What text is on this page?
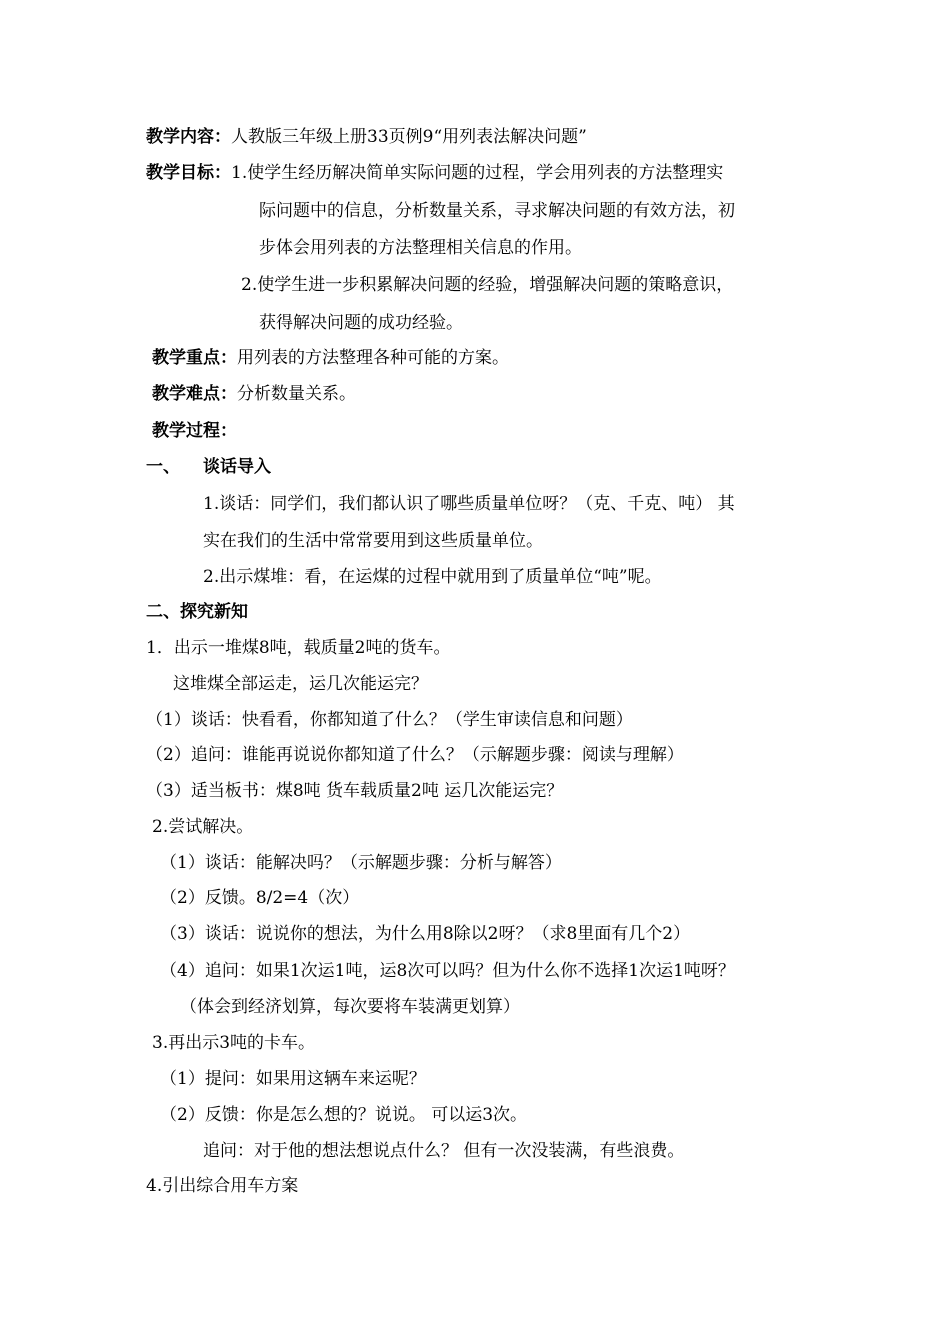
教学内容：人教版三年级上册33页例9“用列表法解决问题”
教学目标：1.使学生经历解决简单实际问题的过程，学会用列表的方法整理实
际问题中的信息，分析数量关系，寻求解决问题的有效方法，初
步体会用列表的方法整理相关信息的作用。
2.使学生进一步积累解决问题的经验，增强解决问题的策略意识，
获得解决问题的成功经验。
教学重点：用列表的方法整理各种可能的方案。
教学难点：分析数量关系。
教学过程：
一、 谈话导入
1.谈话：同学们，我们都认识了哪些质量单位呀？（克、千克、吨） 其
实在我们的生活中常常要用到这些质量单位。
2.出示煤堆：看，在运煤的过程中就用到了质量单位“吨”呢。
二、探究新知
1．出示一堆煤8吨，载质量2吨的货车。
这堆煤全部运走，运几次能运完？
（1）谈话：快看看，你都知道了什么？（学生审读信息和问题）
（2）追问：谁能再说说你都知道了什么？（示解题步骤：阅读与理解）
（3）适当板书：煤8吨 货车载质量2吨 运几次能运完？
2.尝试解决。
（1）谈话：能解决吗？（示解题步骤：分析与解答）
（2）反馈。8/2=4（次）
（3）谈话：说说你的想法，为什么用8除以2呀？（求8里面有几个2）
（4）追问：如果1次运1吨，运8次可以吗？但为什么你不选择1次运1吨呀？
（体会到经济划算，每次要将车装满更划算）
3.再出示3吨的卡车。
（1）提问：如果用这辆车来运呢？
（2）反馈：你是怎么想的？说说。 可以运3次。
追问：对于他的想法想说点什么？ 但有一次没装满，有些浪费。
4.引出综合用车方案
